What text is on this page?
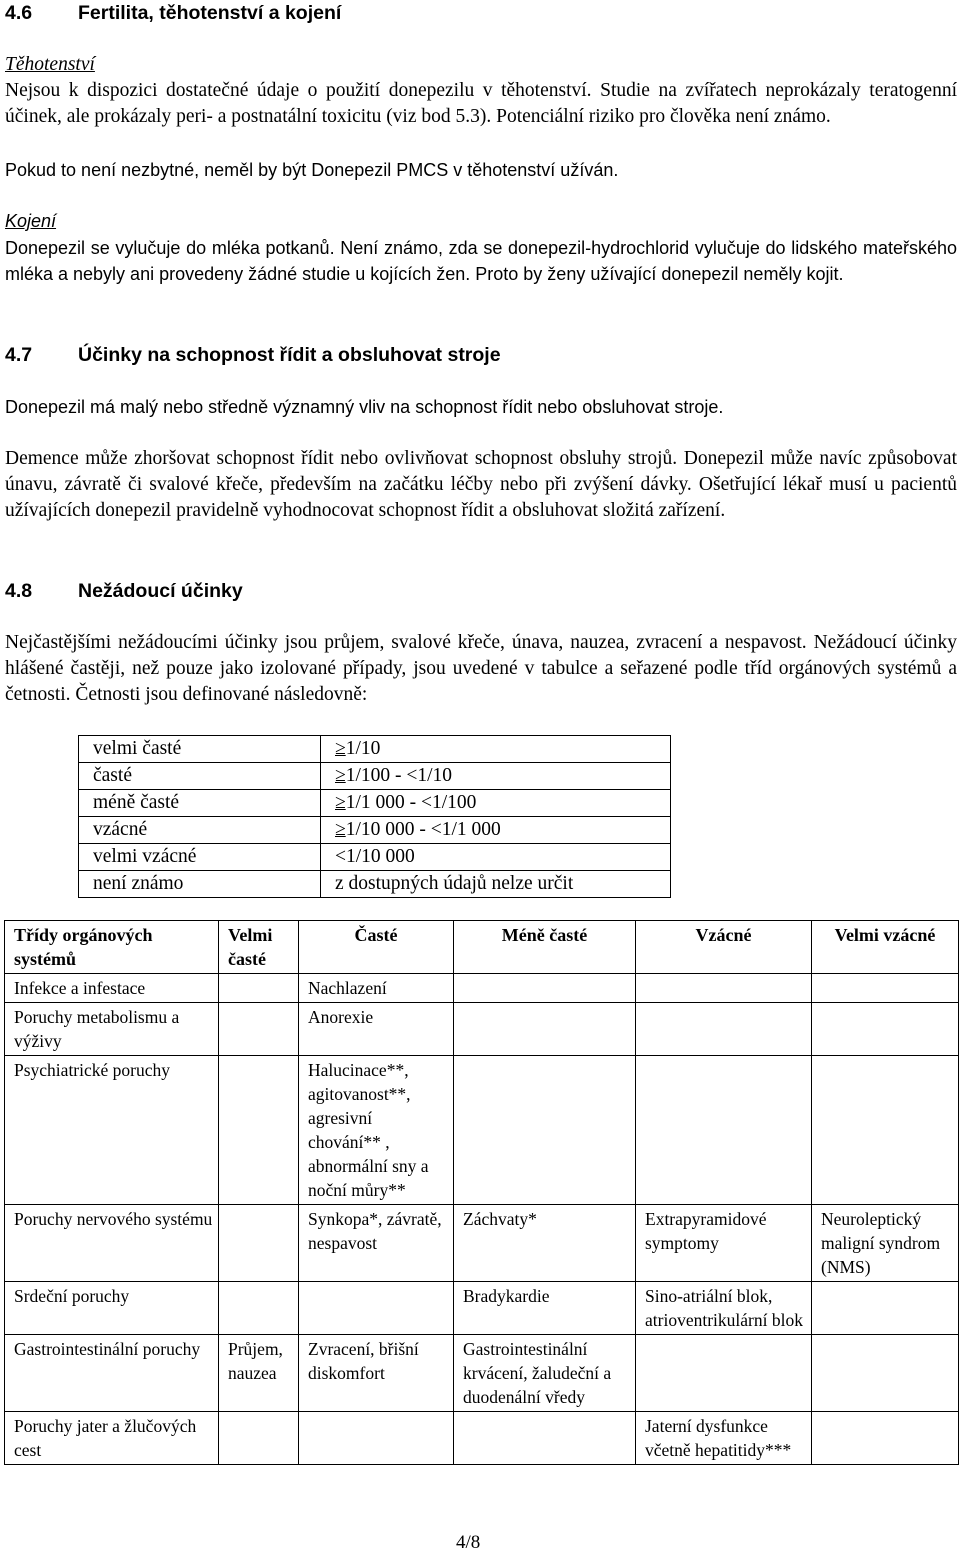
4.6 Fertilita, těhotenství a kojení
Těhotenství

Nejsou k dispozici dostatečné údaje o použití donepezilu v těhotenství. Studie na zvířatech neprokázaly teratogenní účinek, ale prokázaly peri- a postnatální toxicitu (viz bod 5.3). Potenciální riziko pro člověka není známo.

Pokud to není nezbytné, neměl by být Donepezil PMCS v těhotenství užíván.

Kojení

Donepezil se vylučuje do mléka potkanů. Není známo, zda se donepezil-hydrochlorid vylučuje do lidského mateřského mléka a nebyly ani provedeny žádné studie u kojících žen. Proto by ženy užívající donepezil neměly kojit.

4.7 Účinky na schopnost řídit a obsluhovat stroje

Donepezil má malý nebo středně významný vliv na schopnost řídit nebo obsluhovat stroje.

Demence může zhoršovat schopnost řídit nebo ovlivňovat schopnost obsluhy strojů. Donepezil může navíc způsobovat únavu, závratě či svalové křeče, především na začátku léčby nebo při zvýšení dávky. Ošetřující lékař musí u pacientů užívajících donepezil pravidelně vyhodnocovat schopnost řídit a obsluhovat složitá zařízení.

4.8 Nežádoucí účinky

Nejčastějšími nežádoucími účinky jsou průjem, svalové křeče, únava, nauzea, zvracení a nespavost. Nežádoucí účinky hlášené častěji, než pouze jako izolované případy, jsou uvedené v tabulce a seřazené podle tříd orgánových systémů a četnosti. Četnosti jsou definované následovně:

velmi časté	≥1/10
časté	≥1/100 - <1/10
méně časté	≥1/1 000 - <1/100
vzácné	≥1/10 000 - <1/1 000
velmi vzácné	<1/10 000
není známo	z dostupných údajů nelze určit
Třídy orgánových systémů	Velmi časté	Časté	Méně časté	Vzácné	Velmi vzácné
Infekce a infestace		Nachlazení			
Poruchy metabolismu a výživy		Anorexie			
Psychiatrické poruchy		Halucinace**, agitovanost**, agresivní chování** , abnormální sny a noční můry**			
Poruchy nervového systému		Synkopa*, závratě, nespavost	Záchvaty*	Extrapyramidové symptomy	Neuroleptický maligní syndrom (NMS)
Srdeční poruchy			Bradykardie	Sino-atriální blok, atrioventrikulární blok	
Gastrointestinální poruchy	Průjem, nauzea	Zvracení, břišní diskomfort	Gastrointestinální krvácení, žaludeční a duodenální vředy		
Poruchy jater a žlučových cest				Jaterní dysfunkce včetně hepatitidy***	
4/8
